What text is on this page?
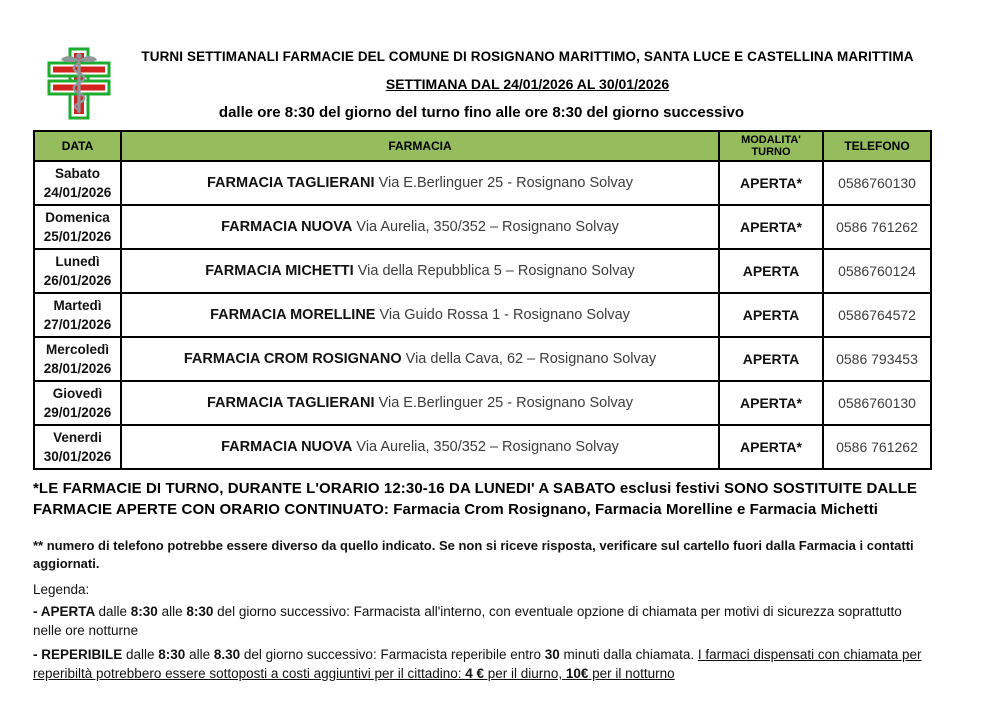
TURNI SETTIMANALI FARMACIE DEL COMUNE DI ROSIGNANO MARITTIMO, SANTA LUCE E CASTELLINA MARITTIMA
SETTIMANA DAL 24/01/2026 AL 30/01/2026
dalle ore 8:30 del giorno del turno fino alle ore 8:30 del giorno successivo
DATA	FARMACIA	MODALITA' TURNO	TELEFONO

Sabato
24/01/2026	FARMACIA TAGLIERANI Via E.Berlinguer 25 - Rosignano Solvay	APERTA*	0586760130

Domenica
25/01/2026	FARMACIA NUOVA Via Aurelia, 350/352 – Rosignano Solvay	APERTA*	0586 761262

Lunedì
26/01/2026	FARMACIA MICHETTI Via della Repubblica 5 – Rosignano Solvay	APERTA	0586760124

Martedì
27/01/2026	FARMACIA MORELLINE Via Guido Rossa 1 - Rosignano Solvay	APERTA	0586764572

Mercoledì
28/01/2026	FARMACIA CROM ROSIGNANO Via della Cava, 62 – Rosignano Solvay	APERTA	0586 793453

Giovedì
29/01/2026	FARMACIA TAGLIERANI Via E.Berlinguer 25 - Rosignano Solvay	APERTA*	0586760130

Venerdi
30/01/2026	FARMACIA NUOVA Via Aurelia, 350/352 – Rosignano Solvay	APERTA*	0586 761262

*LE FARMACIE DI TURNO, DURANTE L'ORARIO 12:30-16 DA LUNEDI' A SABATO esclusi festivi SONO SOSTITUITE DALLE FARMACIE APERTE CON ORARIO CONTINUATO: Farmacia Crom Rosignano, Farmacia Morelline e Farmacia Michetti

** numero di telefono potrebbe essere diverso da quello indicato. Se non si riceve risposta, verificare sul cartello fuori dalla Farmacia i contatti aggiornati.

Legenda:

- APERTA dalle 8:30 alle 8:30 del giorno successivo: Farmacista all'interno, con eventuale opzione di chiamata per motivi di sicurezza soprattutto nelle ore notturne

- REPERIBILE dalle 8:30 alle 8.30 del giorno successivo: Farmacista reperibile entro 30 minuti dalla chiamata. I farmaci dispensati con chiamata per reperibiltà potrebbero essere sottoposti a costi aggiuntivi per il cittadino: 4 € per il diurno, 10€ per il notturno
